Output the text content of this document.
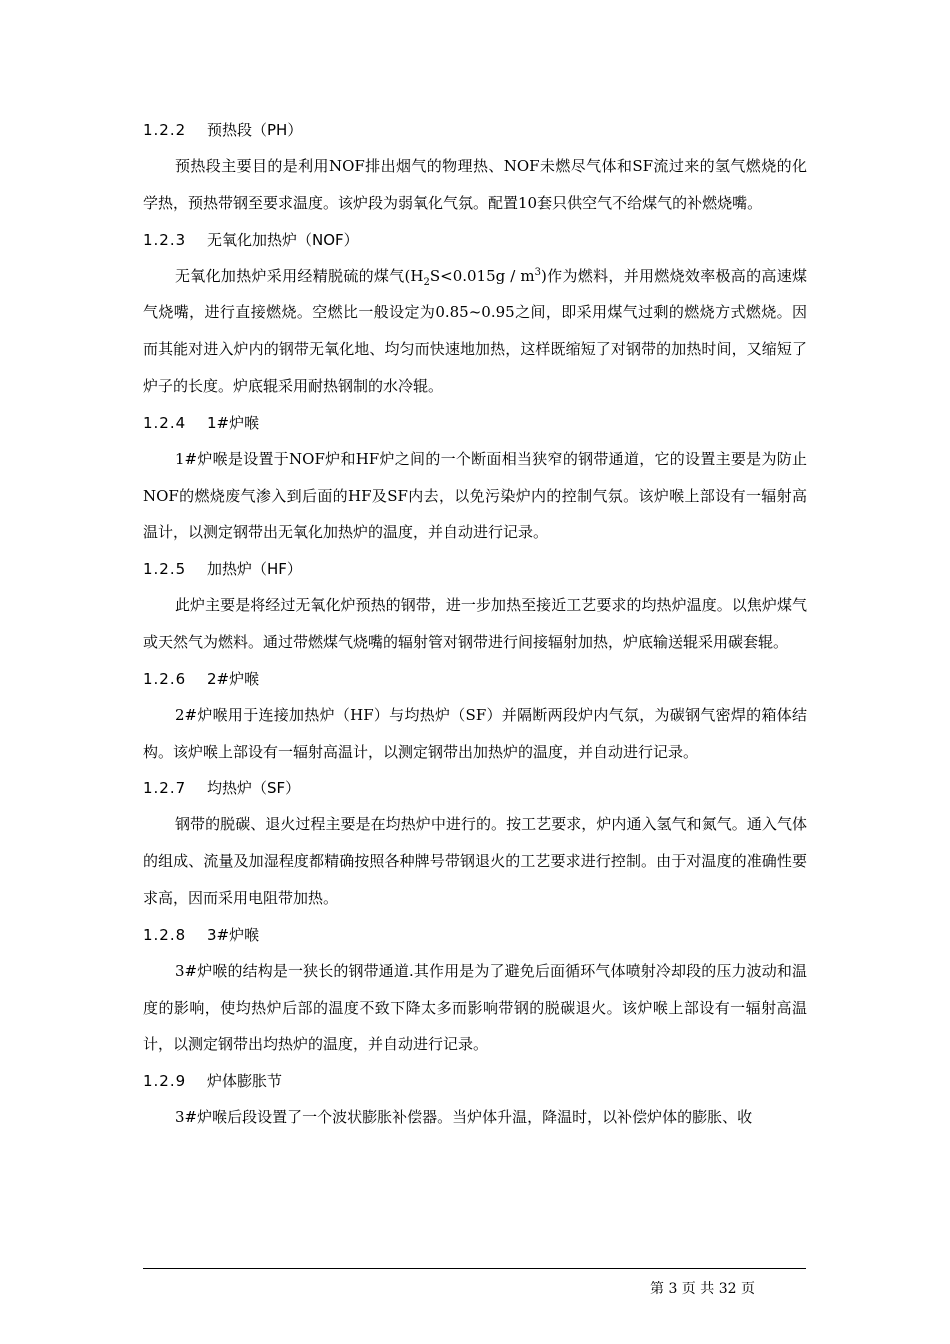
1.2.2 预热段（PH）

预热段主要目的是利用NOF排出烟气的物理热、NOF未燃尽气体和SF流过来的氢气燃烧的化学热，预热带钢至要求温度。该炉段为弱氧化气氛。配置10套只供空气不给煤气的补燃烧嘴。

1.2.3 无氧化加热炉（NOF）

无氧化加热炉采用经精脱硫的煤气$(H_2S<0.015g / m^3)$作为燃料，并用燃烧效率极高的高速煤气烧嘴，进行直接燃烧。空燃比一般设定为0.85~0.95之间，即采用煤气过剩的燃烧方式燃烧。因而其能对进入炉内的钢带无氧化地、均匀而快速地加热，这样既缩短了对钢带的加热时间，又缩短了炉子的长度。炉底辊采用耐热钢制的水冷辊。

1.2.4 1#炉喉

1#炉喉是设置于NOF炉和HF炉之间的一个断面相当狭窄的钢带通道，它的设置主要是为防止NOF的燃烧废气渗入到后面的HF及SF内去，以免污染炉内的控制气氛。该炉喉上部设有一辐射高温计，以测定钢带出无氧化加热炉的温度，并自动进行记录。

1.2.5 加热炉（HF）

此炉主要是将经过无氧化炉预热的钢带，进一步加热至接近工艺要求的均热炉温度。以焦炉煤气或天然气为燃料。通过带燃煤气烧嘴的辐射管对钢带进行间接辐射加热，炉底输送辊采用碳套辊。

1.2.6 2#炉喉

2#炉喉用于连接加热炉（HF）与均热炉（SF）并隔断两段炉内气氛，为碳钢气密焊的箱体结构。该炉喉上部设有一辐射高温计，以测定钢带出加热炉的温度，并自动进行记录。

1.2.7 均热炉（SF）

钢带的脱碳、退火过程主要是在均热炉中进行的。按工艺要求，炉内通入氢气和氮气。通入气体的组成、流量及加湿程度都精确按照各种牌号带钢退火的工艺要求进行控制。由于对温度的准确性要求高，因而采用电阻带加热。

1.2.8 3#炉喉

3#炉喉的结构是一狭长的钢带通道.其作用是为了避免后面循环气体喷射冷却段的压力波动和温度的影响，使均热炉后部的温度不致下降太多而影响带钢的脱碳退火。该炉喉上部设有一辐射高温计，以测定钢带出均热炉的温度，并自动进行记录。

1.2.9 炉体膨胀节

3#炉喉后段设置了一个波状膨胀补偿器。当炉体升温，降温时，以补偿炉体的膨胀、收

第 3 页 共 32 页
